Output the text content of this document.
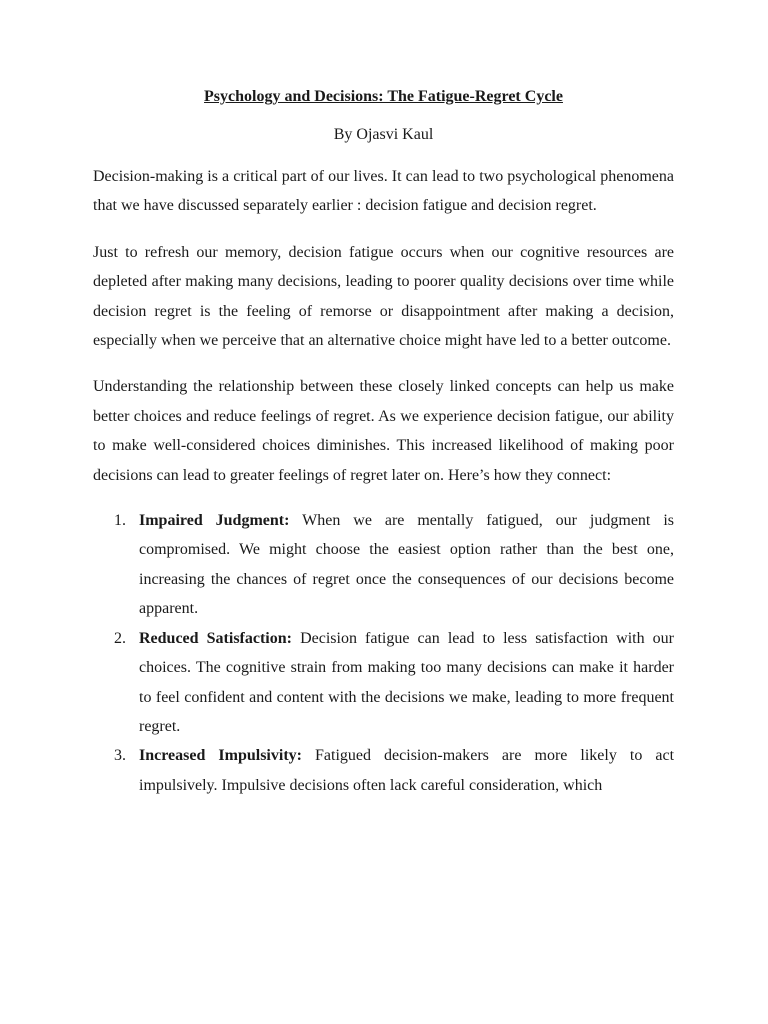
Psychology and Decisions: The Fatigue-Regret Cycle

By Ojasvi Kaul

Decision-making is a critical part of our lives. It can lead to two psychological phenomena that we have discussed separately earlier : decision fatigue and decision regret.

Just to refresh our memory, decision fatigue occurs when our cognitive resources are depleted after making many decisions, leading to poorer quality decisions over time while decision regret is the feeling of remorse or disappointment after making a decision, especially when we perceive that an alternative choice might have led to a better outcome.

Understanding the relationship between these closely linked concepts can help us make better choices and reduce feelings of regret. As we experience decision fatigue, our ability to make well-considered choices diminishes. This increased likelihood of making poor decisions can lead to greater feelings of regret later on. Here’s how they connect:

1. Impaired Judgment: When we are mentally fatigued, our judgment is compromised. We might choose the easiest option rather than the best one, increasing the chances of regret once the consequences of our decisions become apparent.
2. Reduced Satisfaction: Decision fatigue can lead to less satisfaction with our choices. The cognitive strain from making too many decisions can make it harder to feel confident and content with the decisions we make, leading to more frequent regret.
3. Increased Impulsivity: Fatigued decision-makers are more likely to act impulsively. Impulsive decisions often lack careful consideration, which
